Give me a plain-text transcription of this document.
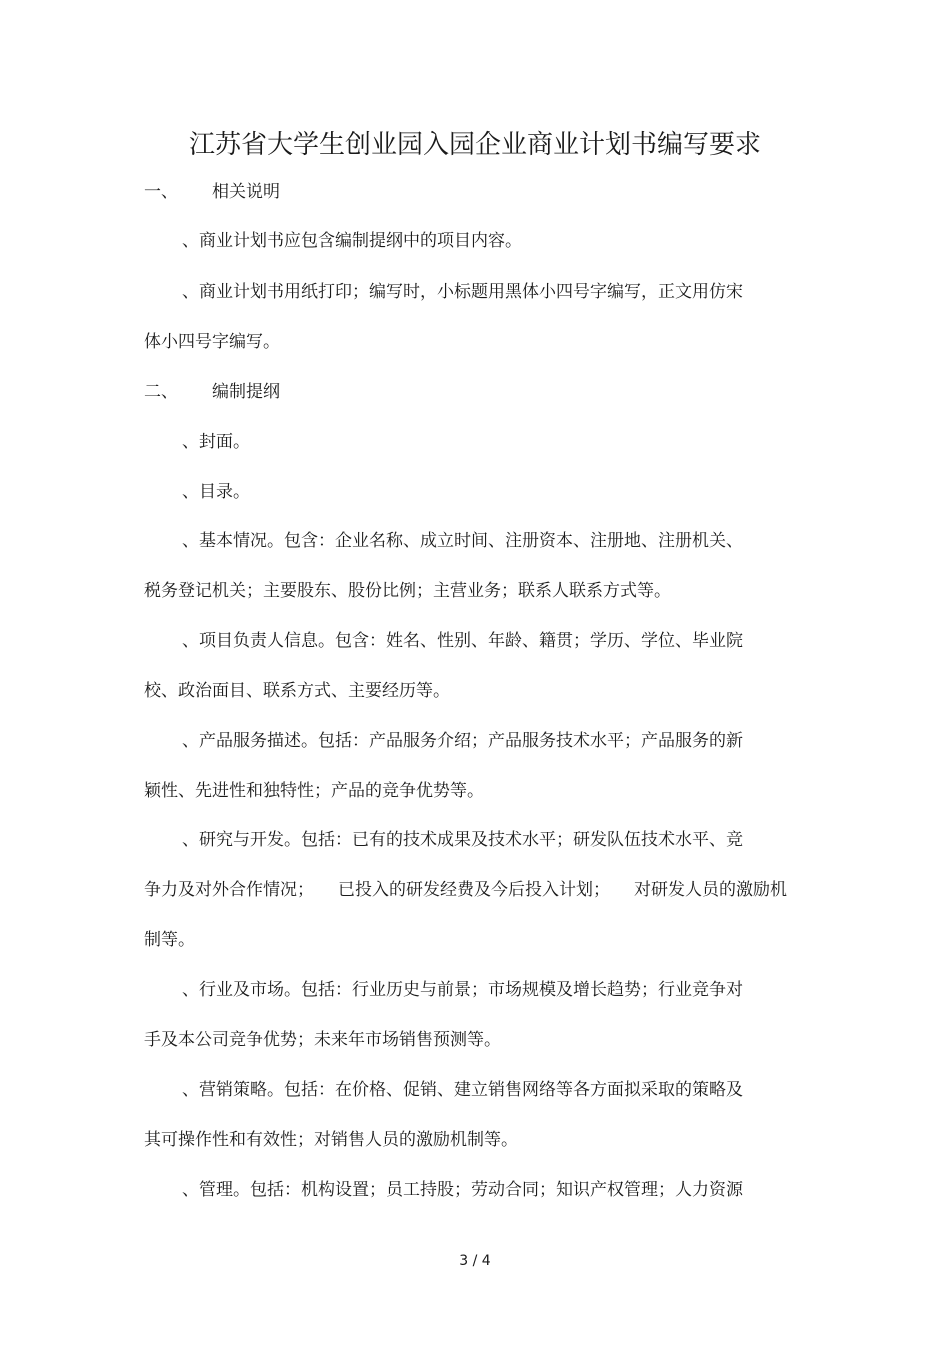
江苏省大学生创业园入园企业商业计划书编写要求
一、 相关说明
、商业计划书应包含编制提纲中的项目内容。
、商业计划书用纸打印；编写时，小标题用黑体小四号字编写，正文用仿宋
体小四号字编写。
二、 编制提纲
、封面。
、目录。
、基本情况。包含：企业名称、成立时间、注册资本、注册地、注册机关、
税务登记机关；主要股东、股份比例；主营业务；联系人联系方式等。
、项目负责人信息。包含：姓名、性别、年龄、籍贯；学历、学位、毕业院
校、政治面目、联系方式、主要经历等。
、产品服务描述。包括：产品服务介绍；产品服务技术水平；产品服务的新
颖性、先进性和独特性；产品的竞争优势等。
、研究与开发。包括：已有的技术成果及技术水平；研发队伍技术水平、竞
争力及对外合作情况； 已投入的研发经费及今后投入计划； 对研发人员的激励机
制等。
、行业及市场。包括：行业历史与前景；市场规模及增长趋势；行业竞争对
手及本公司竞争优势；未来年市场销售预测等。
、营销策略。包括：在价格、促销、建立销售网络等各方面拟采取的策略及
其可操作性和有效性；对销售人员的激励机制等。
、管理。包括：机构设置；员工持股；劳动合同；知识产权管理；人力资源
3 / 4
